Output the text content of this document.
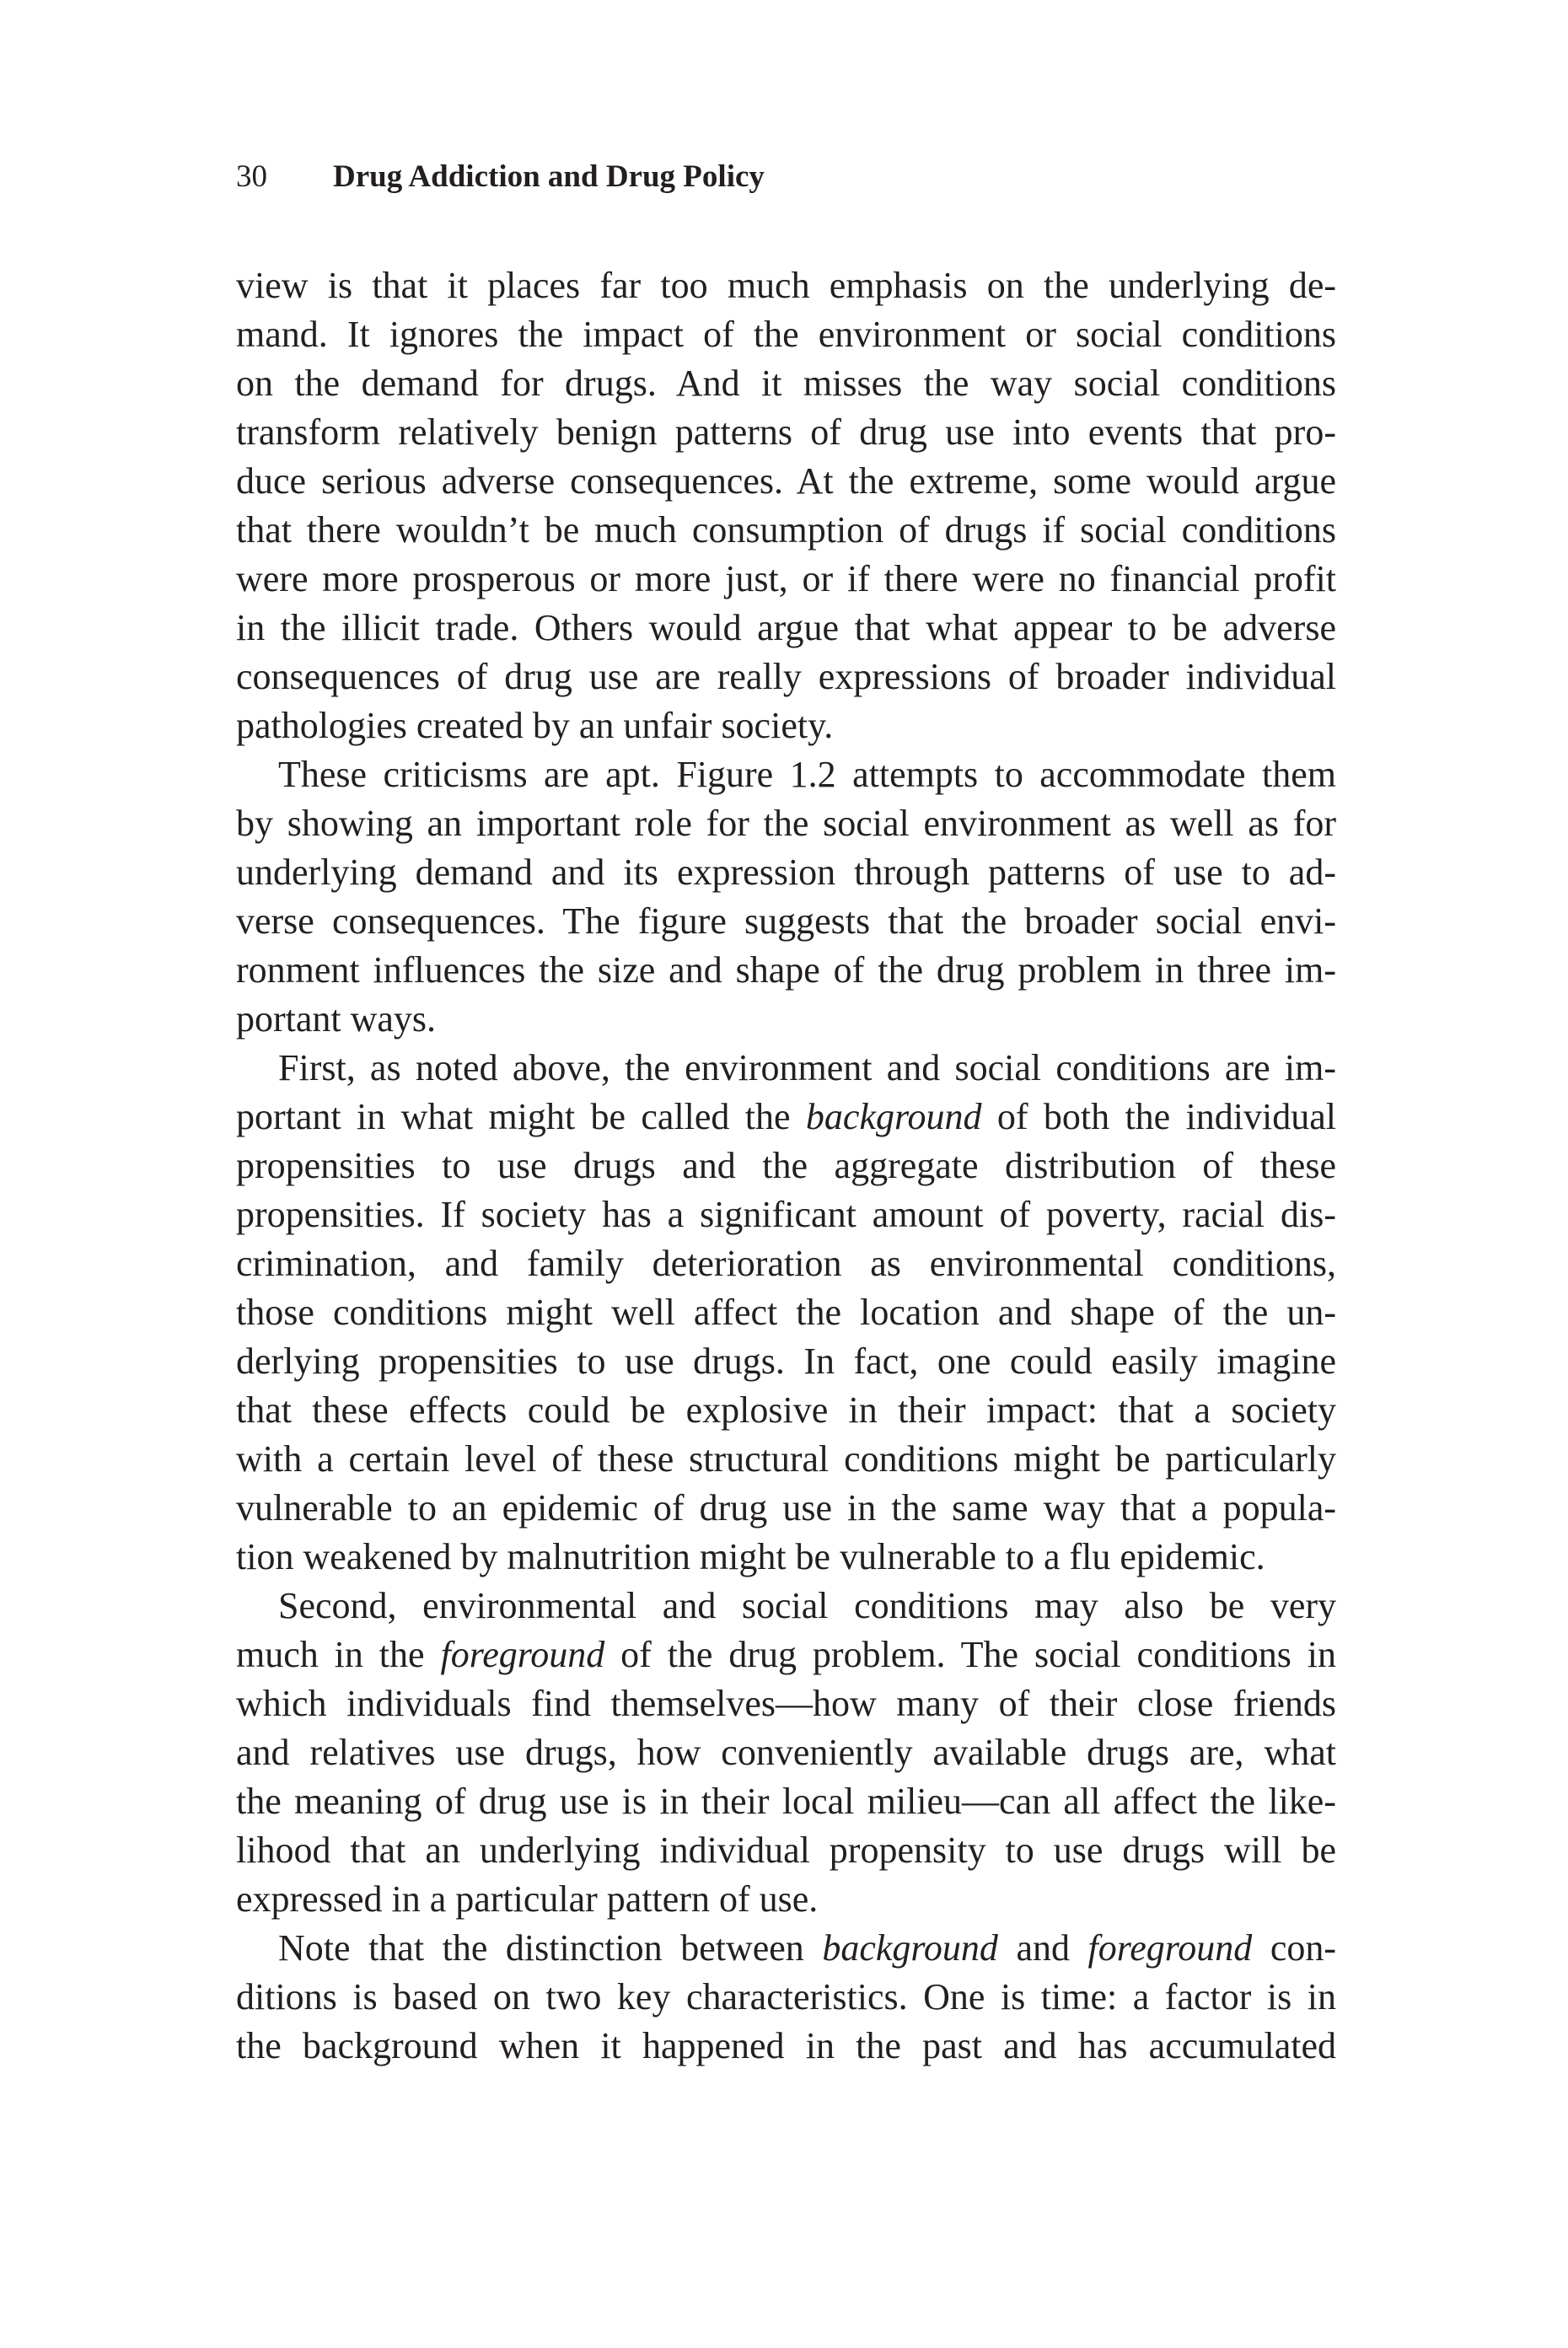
30	Drug Addiction and Drug Policy
view is that it places far too much emphasis on the underlying de-
mand. It ignores the impact of the environment or social conditions
on the demand for drugs. And it misses the way social conditions
transform relatively benign patterns of drug use into events that pro-
duce serious adverse consequences. At the extreme, some would argue
that there wouldn’t be much consumption of drugs if social conditions
were more prosperous or more just, or if there were no financial profit
in the illicit trade. Others would argue that what appear to be adverse
consequences of drug use are really expressions of broader individual
pathologies created by an unfair society.
These criticisms are apt. Figure 1.2 attempts to accommodate them
by showing an important role for the social environment as well as for
underlying demand and its expression through patterns of use to ad-
verse consequences. The figure suggests that the broader social envi-
ronment influences the size and shape of the drug problem in three im-
portant ways.
First, as noted above, the environment and social conditions are im-
portant in what might be called the background of both the individual
propensities to use drugs and the aggregate distribution of these
propensities. If society has a significant amount of poverty, racial dis-
crimination, and family deterioration as environmental conditions,
those conditions might well affect the location and shape of the un-
derlying propensities to use drugs. In fact, one could easily imagine
that these effects could be explosive in their impact: that a society
with a certain level of these structural conditions might be particularly
vulnerable to an epidemic of drug use in the same way that a popula-
tion weakened by malnutrition might be vulnerable to a flu epidemic.
Second, environmental and social conditions may also be very
much in the foreground of the drug problem. The social conditions in
which individuals find themselves—how many of their close friends
and relatives use drugs, how conveniently available drugs are, what
the meaning of drug use is in their local milieu—can all affect the like-
lihood that an underlying individual propensity to use drugs will be
expressed in a particular pattern of use.
Note that the distinction between background and foreground con-
ditions is based on two key characteristics. One is time: a factor is in
the background when it happened in the past and has accumulated
